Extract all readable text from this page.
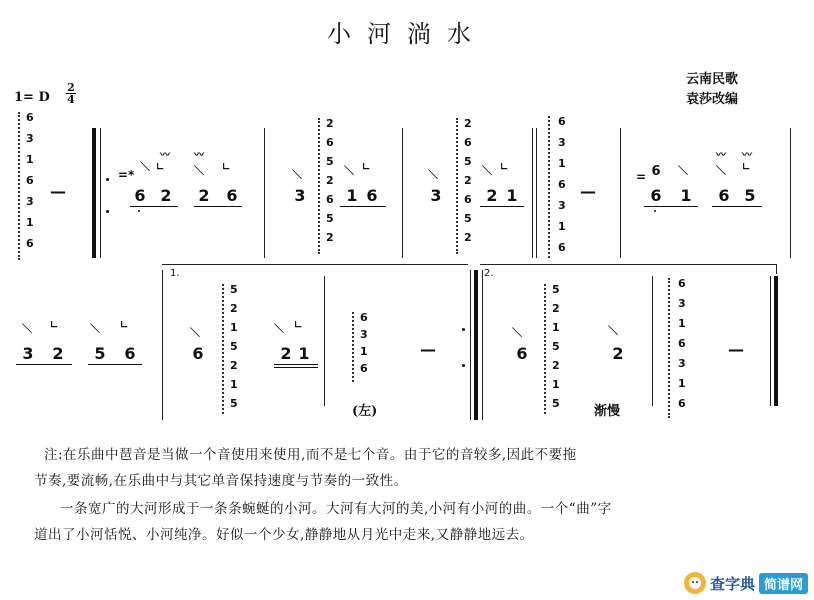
小河淌水
云南民歌
袁莎改编
1= D $\frac{2}{4}$
6
3
1
6
3
1
6
—
=*
＼
〰
∟
〰
＼ ∟
6 2 2 6
＼
3
2
6
5
2
6
5
2
＼ ∟
1 6
＼
3
2
6
5
2
6
5
2
＼ ∟
2 1
6
3
1
6
3
1
6
—
= 6 ＼
〰
＼
〰
∟
6 1 6 5
＼ ∟	＼ ∟
3 2 5 6
1.
＼
6
5
2
1
5
2
1
5
＼ ∟
2 1
6
3
1
6
—
(左)
2.
＼
6
5
2
1
5
2
1
5
＼
2
渐慢
6
3
1
6
3
1
6
—
注:在乐曲中琶音是当做一个音使用来使用,而不是七个音。由于它的音较多,因此不要拖
节奏,要流畅,在乐曲中与其它单音保持速度与节奏的一致性。
一条宽广的大河形成于一条条蜿蜒的小河。大河有大河的美,小河有小河的曲。一个“曲”字
道出了小河恬悦、小河纯净。好似一个少女,静静地从月光中走来,又静静地远去。
查字典 简谱网
